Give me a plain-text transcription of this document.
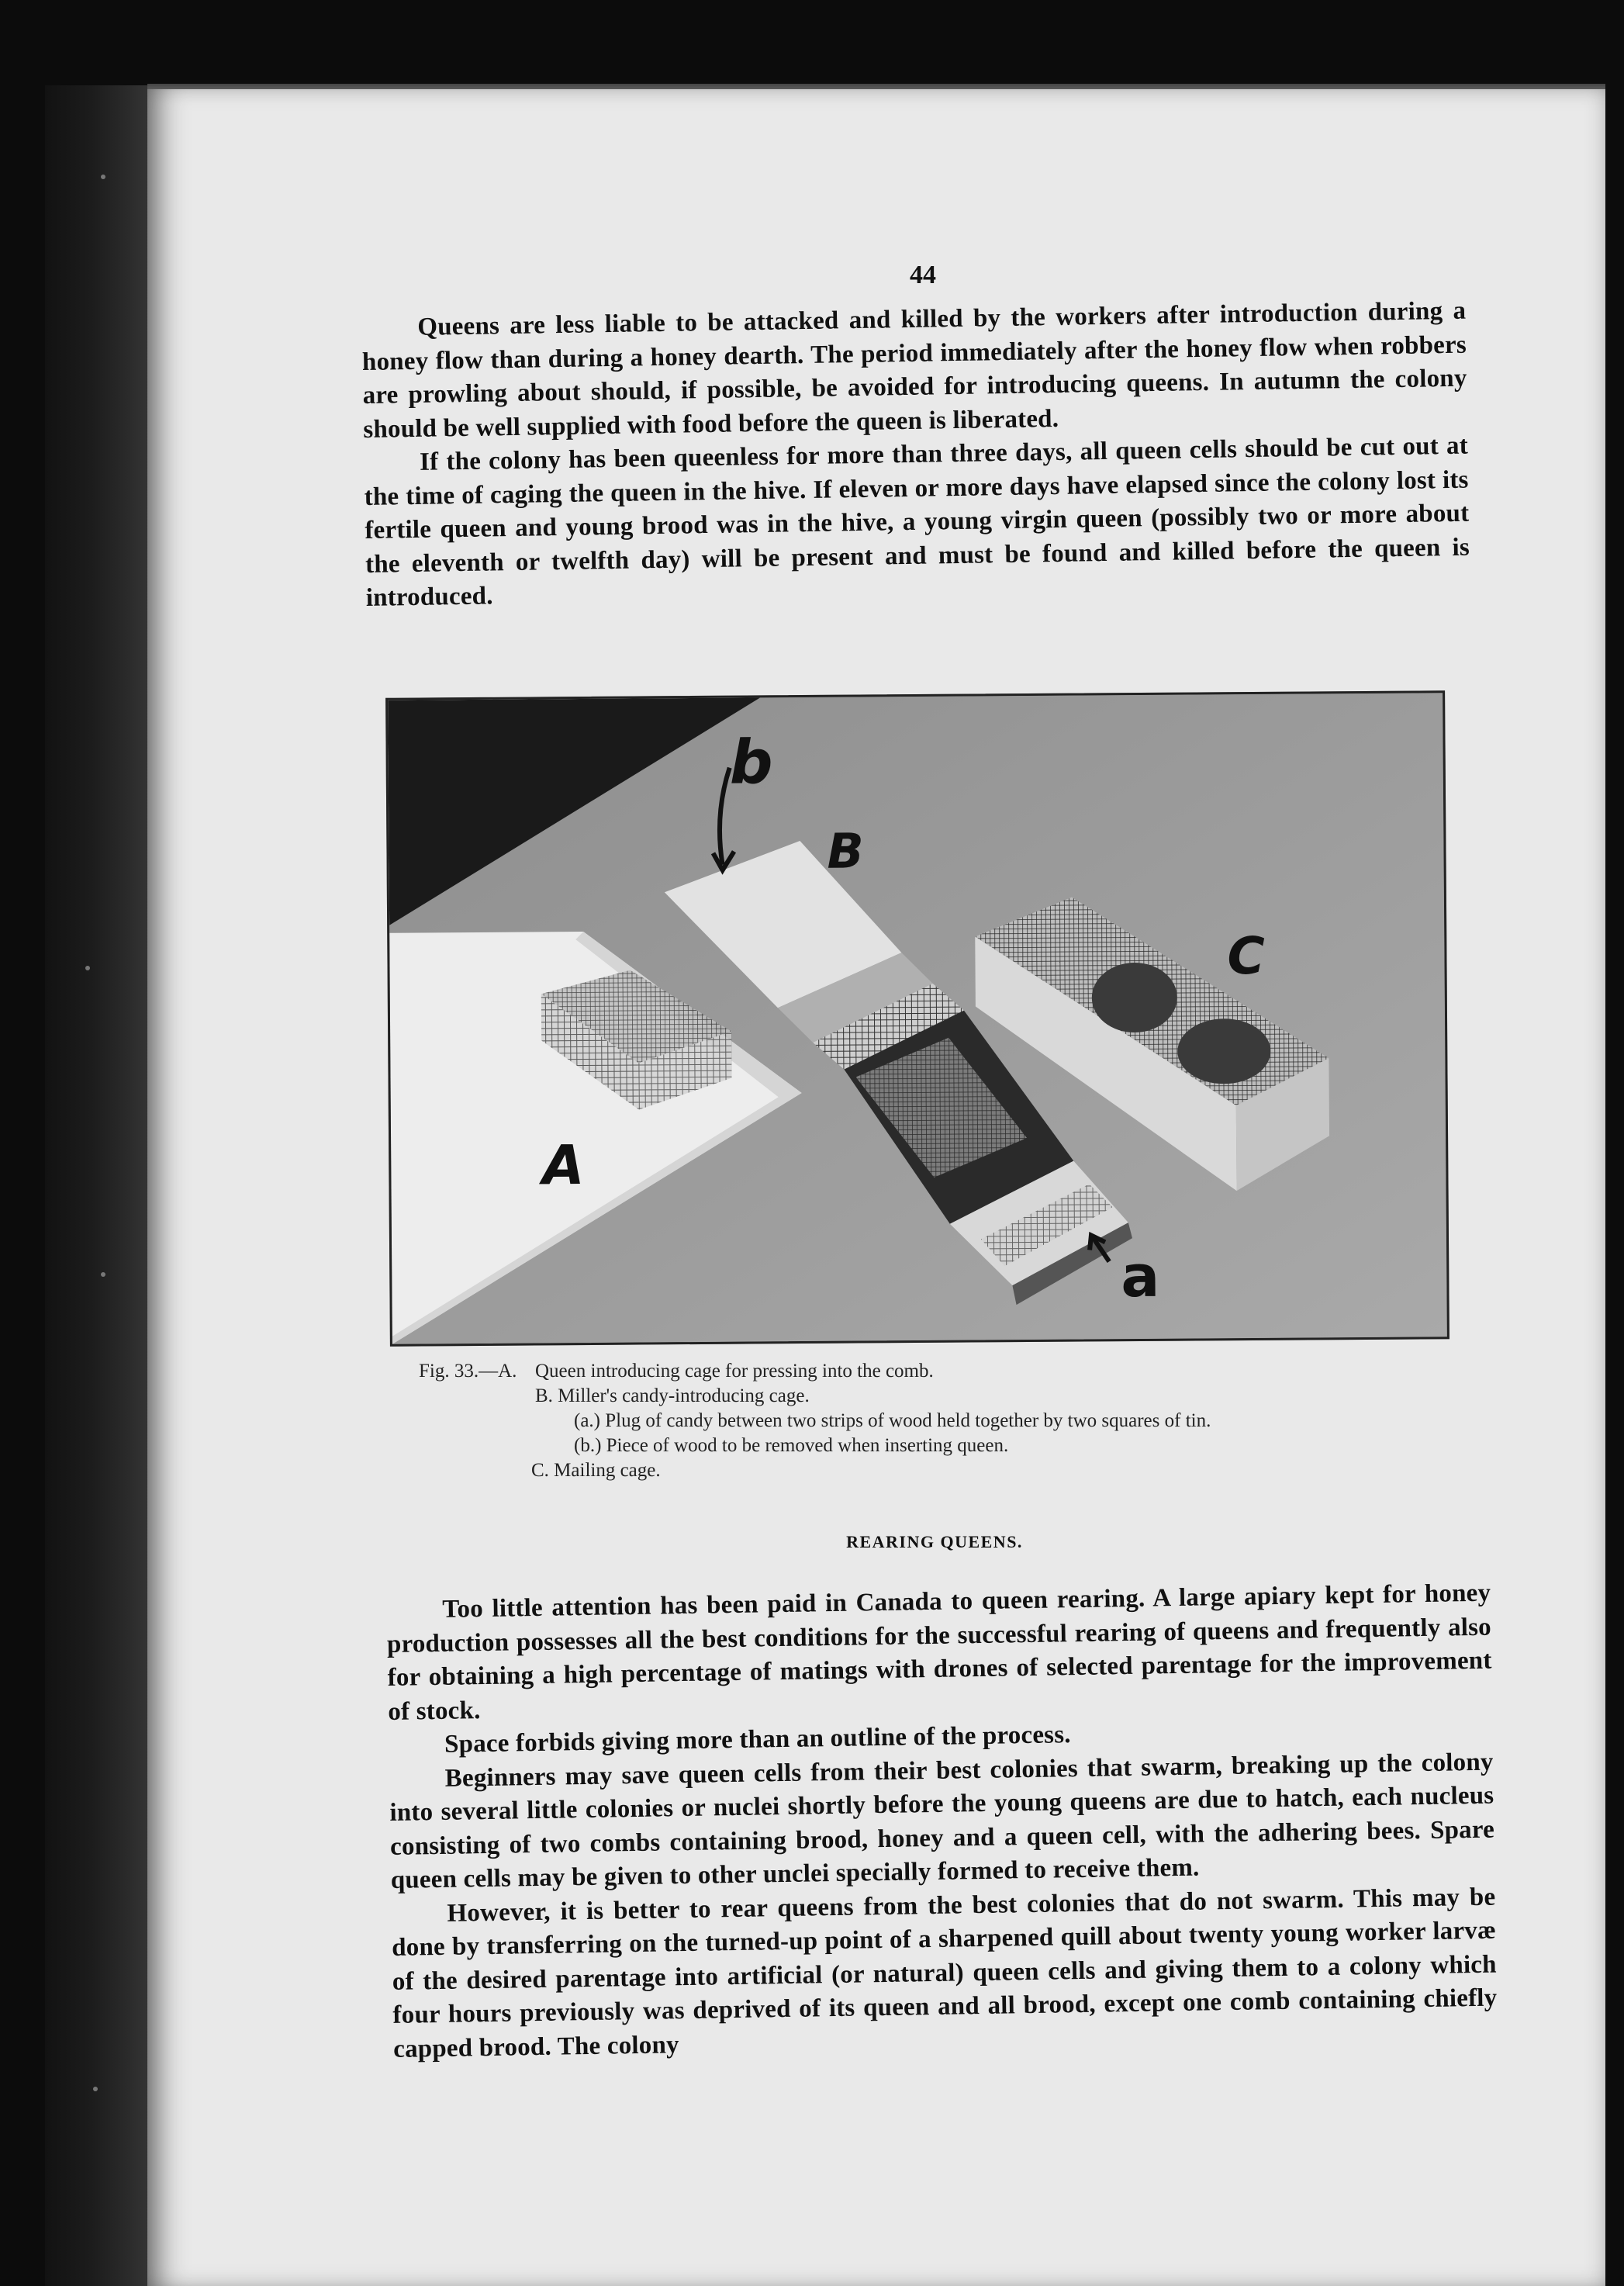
44

Queens are less liable to be attacked and killed by the workers after introduction during a honey flow than during a honey dearth. The period immediately after the honey flow when robbers are prowling about should, if possible, be avoided for introducing queens. In autumn the colony should be well supplied with food before the queen is liberated.

If the colony has been queenless for more than three days, all queen cells should be cut out at the time of caging the queen in the hive. If eleven or more days have elapsed since the colony lost its fertile queen and young brood was in the hive, a young virgin queen (possibly two or more about the eleventh or twelfth day) will be present and must be found and killed before the queen is introduced.

b
B
C
A
a
Fig. 33.—A. Queen introducing cage for pressing into the comb.
B. Miller's candy-introducing cage.
(a.) Plug of candy between two strips of wood held together by two squares of tin.
(b.) Piece of wood to be removed when inserting queen.
C. Mailing cage.
REARING QUEENS.

Too little attention has been paid in Canada to queen rearing. A large apiary kept for honey production possesses all the best conditions for the successful rearing of queens and frequently also for obtaining a high percentage of matings with drones of selected parentage for the improvement of stock.

Space forbids giving more than an outline of the process.

Beginners may save queen cells from their best colonies that swarm, breaking up the colony into several little colonies or nuclei shortly before the young queens are due to hatch, each nucleus consisting of two combs containing brood, honey and a queen cell, with the adhering bees. Spare queen cells may be given to other unclei specially formed to receive them.

However, it is better to rear queens from the best colonies that do not swarm. This may be done by transferring on the turned-up point of a sharpened quill about twenty young worker larvæ of the desired parentage into artificial (or natural) queen cells and giving them to a colony which four hours previously was deprived of its queen and all brood, except one comb containing chiefly capped brood. The colony
